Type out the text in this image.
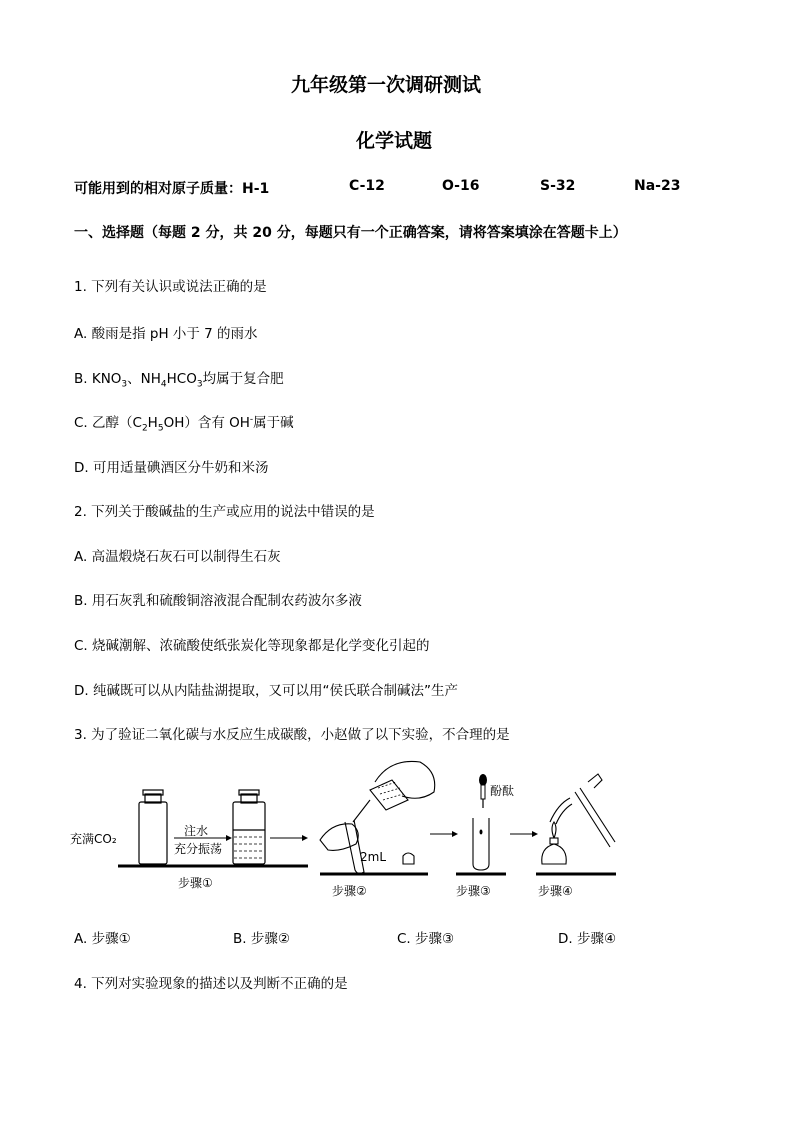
九年级第一次调研测试
化学试题
可能用到的相对原子质量：H-1	C-12	O-16	S-32	Na-23
一、选择题（每题 2 分，共 20 分，每题只有一个正确答案，请将答案填涂在答题卡上）
1. 下列有关认识或说法正确的是
A. 酸雨是指 pH 小于 7 的雨水
B. $KNO_3$、$NH_4HCO_3$均属于复合肥
C. 乙醇$(C_2H_5OH)$含有 OH-属于碱
D. 可用适量碘酒区分牛奶和米汤
2. 下列关于酸碱盐的生产或应用的说法中错误的是
A. 高温煅烧石灰石可以制得生石灰
B. 用石灰乳和硫酸铜溶液混合配制农药波尔多液
C. 烧碱潮解、浓硫酸使纸张炭化等现象都是化学变化引起的
D. 纯碱既可以从内陆盐湖提取，又可以用“侯氏联合制碱法”生产
3. 为了验证二氧化碳与水反应生成碳酸，小赵做了以下实验，不合理的是
充满CO₂
注水
充分振荡
步骤①
2mL
步骤②
酚酞
步骤③	步骤④
A. 步骤①	B. 步骤②	C. 步骤③	D. 步骤④
4. 下列对实验现象的描述以及判断不正确的是
